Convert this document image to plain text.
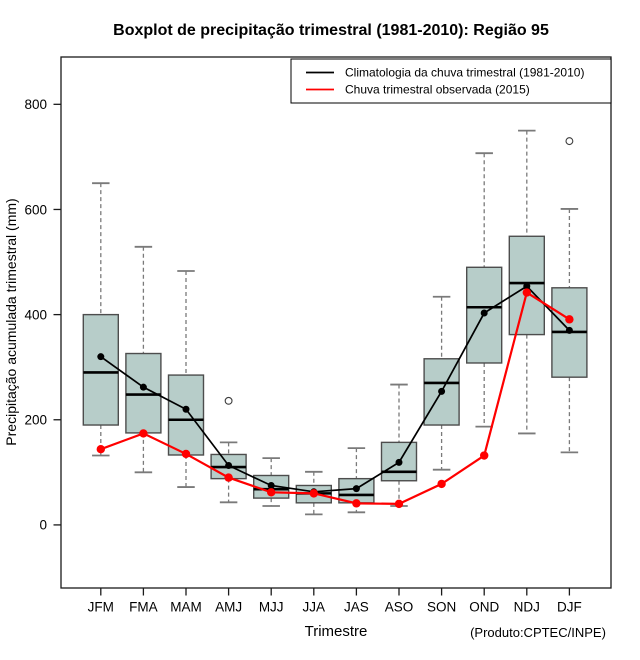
Boxplot de precipitação trimestral (1981-2010): Região 95
0
200
400
600
800
JFM FMA MAM AMJ MJJ JJA JAS ASO SON OND NDJ DJF
Climatologia da chuva trimestral (1981-2010)
Chuva trimestral observada (2015)
Precipitação acumulada trimestral (mm)
Trimestre	(Produto:CPTEC/INPE)
